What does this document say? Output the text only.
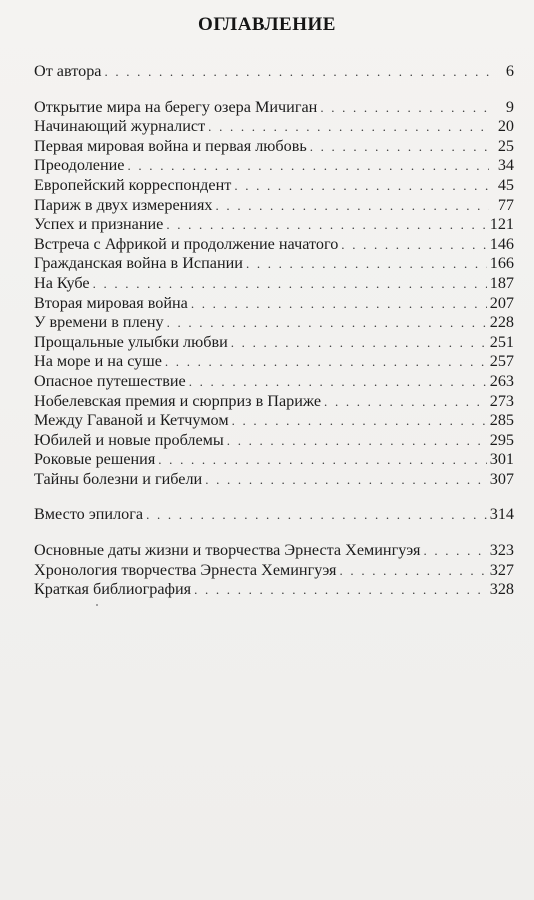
ОГЛАВЛЕНИЕ
От автора . . .	6
Открытие мира на берегу озера Мичиган . . .	9
Начинающий журналист . . .	20
Первая мировая война и первая любовь . . .	25
Преодоление . . .	34
Европейский корреспондент . . .	45
Париж в двух измерениях . . .	77
Успех и признание . . .	121
Встреча с Африкой и продолжение начатого . . .	146
Гражданская война в Испании . . .	166
На Кубе . . .	187
Вторая мировая война . . .	207
У времени в плену . . .	228
Прощальные улыбки любви . . .	251
На море и на суше . . .	257
Опасное путешествие . . .	263
Нобелевская премия и сюрприз в Париже . . .	273
Между Гаваной и Кетчумом . . .	285
Юбилей и новые проблемы . . .	295
Роковые решения . . .	301
Тайны болезни и гибели . . .	307
Вместо эпилога . . .	314
Основные даты жизни и творчества Эрнеста Хемингуэя . . .	323
Хронология творчества Эрнеста Хемингуэя . . .	327
Краткая библиография . . .	328
